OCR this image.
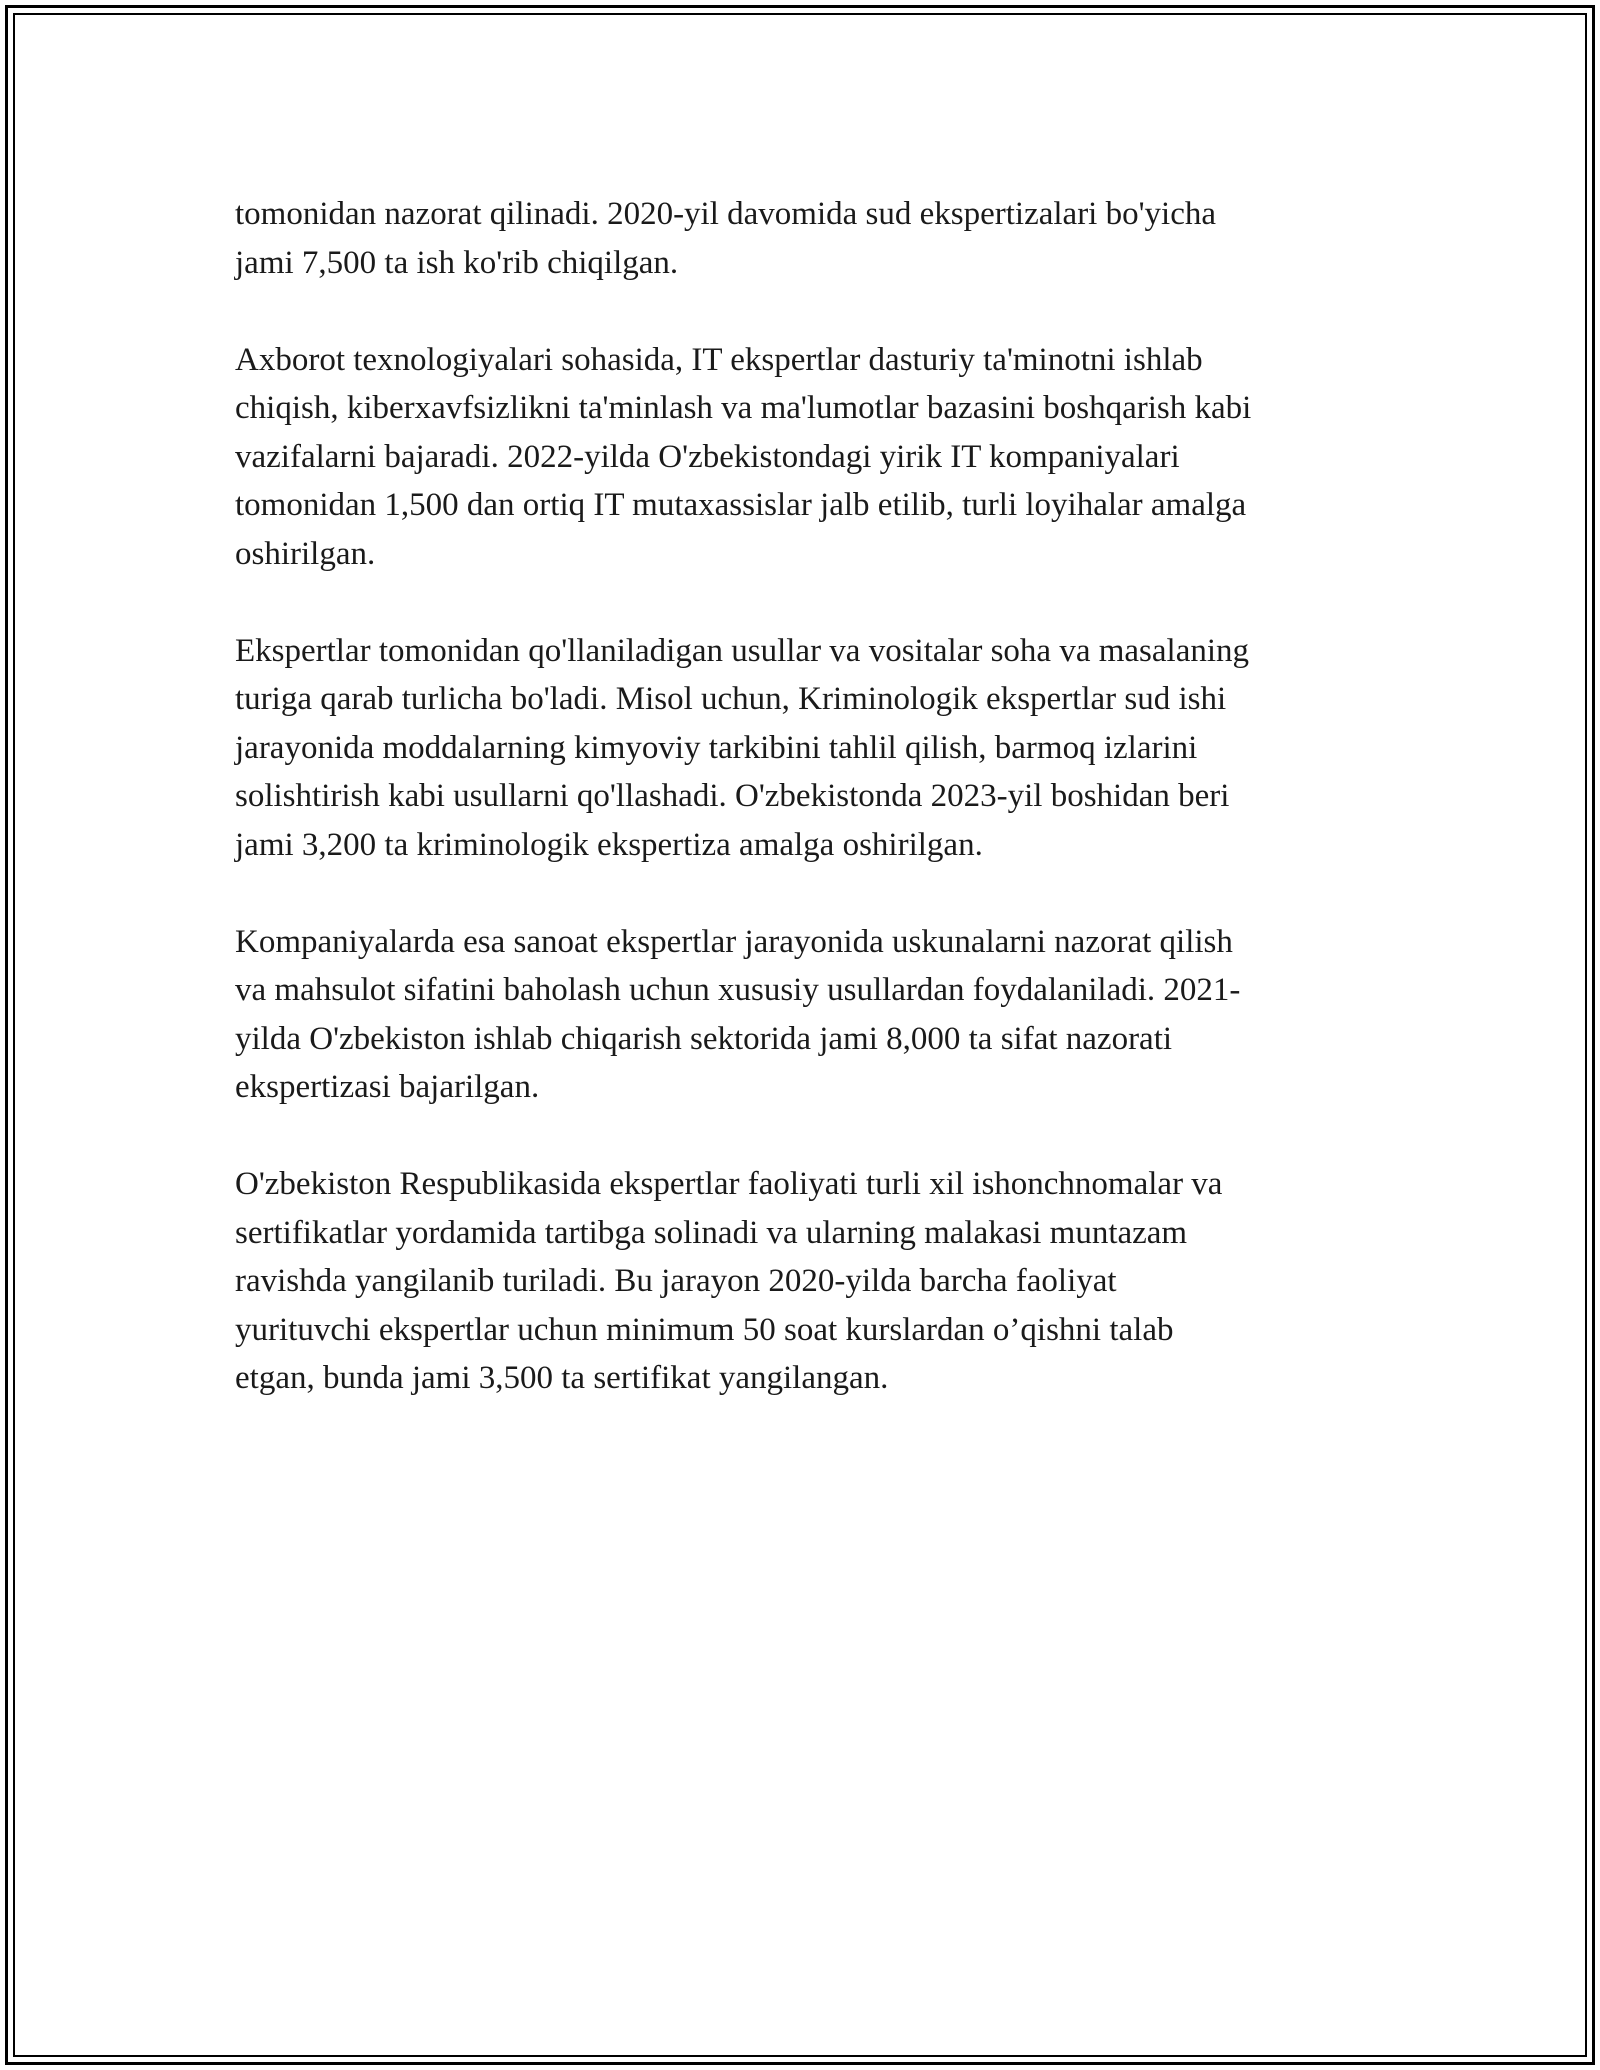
tomonidan nazorat qilinadi. 2020-yil davomida sud ekspertizalari bo'yicha
jami 7,500 ta ish ko'rib chiqilgan.

Axborot texnologiyalari sohasida, IT ekspertlar dasturiy ta'minotni ishlab
chiqish, kiberxavfsizlikni ta'minlash va ma'lumotlar bazasini boshqarish kabi
vazifalarni bajaradi. 2022-yilda O'zbekistondagi yirik IT kompaniyalari
tomonidan 1,500 dan ortiq IT mutaxassislar jalb etilib, turli loyihalar amalga
oshirilgan.

Ekspertlar tomonidan qo'llaniladigan usullar va vositalar soha va masalaning
turiga qarab turlicha bo'ladi. Misol uchun, Kriminologik ekspertlar sud ishi
jarayonida moddalarning kimyoviy tarkibini tahlil qilish, barmoq izlarini
solishtirish kabi usullarni qo'llashadi. O'zbekistonda 2023-yil boshidan beri
jami 3,200 ta kriminologik ekspertiza amalga oshirilgan.

Kompaniyalarda esa sanoat ekspertlar jarayonida uskunalarni nazorat qilish
va mahsulot sifatini baholash uchun xususiy usullardan foydalaniladi. 2021-
yilda O'zbekiston ishlab chiqarish sektorida jami 8,000 ta sifat nazorati
ekspertizasi bajarilgan.

O'zbekiston Respublikasida ekspertlar faoliyati turli xil ishonchnomalar va
sertifikatlar yordamida tartibga solinadi va ularning malakasi muntazam
ravishda yangilanib turiladi. Bu jarayon 2020-yilda barcha faoliyat
yurituvchi ekspertlar uchun minimum 50 soat kurslardan o’qishni talab
etgan, bunda jami 3,500 ta sertifikat yangilangan.
